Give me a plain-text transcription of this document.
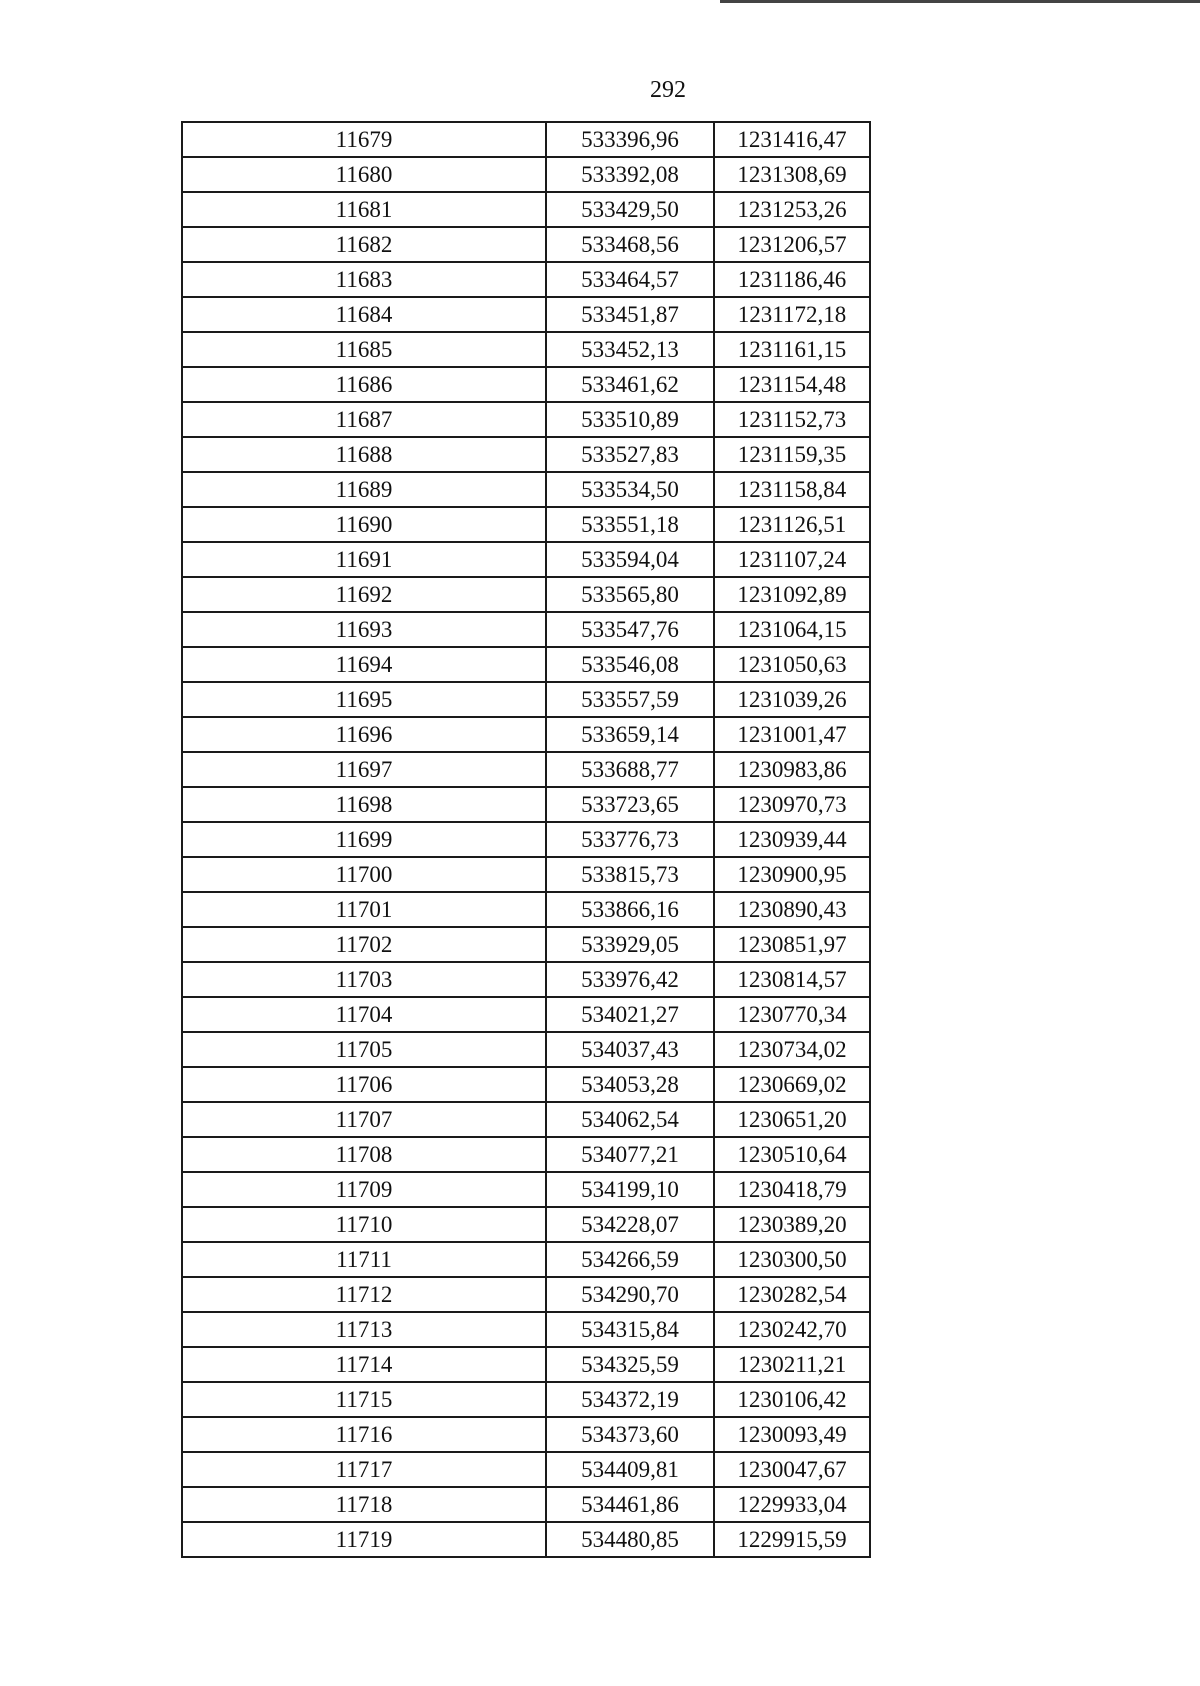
292
11679	533396,96	1231416,47
11680	533392,08	1231308,69
11681	533429,50	1231253,26
11682	533468,56	1231206,57
11683	533464,57	1231186,46
11684	533451,87	1231172,18
11685	533452,13	1231161,15
11686	533461,62	1231154,48
11687	533510,89	1231152,73
11688	533527,83	1231159,35
11689	533534,50	1231158,84
11690	533551,18	1231126,51
11691	533594,04	1231107,24
11692	533565,80	1231092,89
11693	533547,76	1231064,15
11694	533546,08	1231050,63
11695	533557,59	1231039,26
11696	533659,14	1231001,47
11697	533688,77	1230983,86
11698	533723,65	1230970,73
11699	533776,73	1230939,44
11700	533815,73	1230900,95
11701	533866,16	1230890,43
11702	533929,05	1230851,97
11703	533976,42	1230814,57
11704	534021,27	1230770,34
11705	534037,43	1230734,02
11706	534053,28	1230669,02
11707	534062,54	1230651,20
11708	534077,21	1230510,64
11709	534199,10	1230418,79
11710	534228,07	1230389,20
11711	534266,59	1230300,50
11712	534290,70	1230282,54
11713	534315,84	1230242,70
11714	534325,59	1230211,21
11715	534372,19	1230106,42
11716	534373,60	1230093,49
11717	534409,81	1230047,67
11718	534461,86	1229933,04
11719	534480,85	1229915,59
